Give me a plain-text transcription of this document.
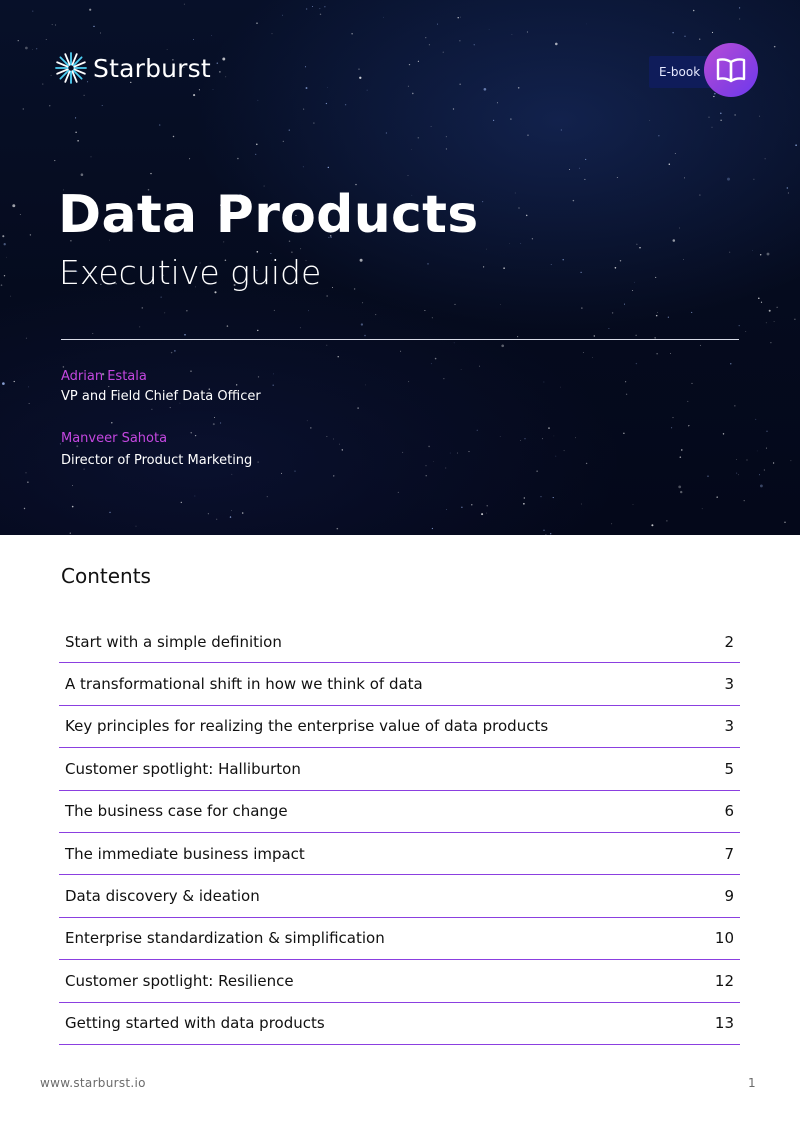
Starburst	E-book
Data Products
Executive guide
Adrian Estala
VP and Field Chief Data Officer
Manveer Sahota
Director of Product Marketing
Contents
Start with a simple definition	2
A transformational shift in how we think of data	3
Key principles for realizing the enterprise value of data products	3
Customer spotlight: Halliburton	5
The business case for change	6
The immediate business impact	7
Data discovery & ideation	9
Enterprise standardization & simplification	10
Customer spotlight: Resilience	12
Getting started with data products	13
www.starburst.io	1
